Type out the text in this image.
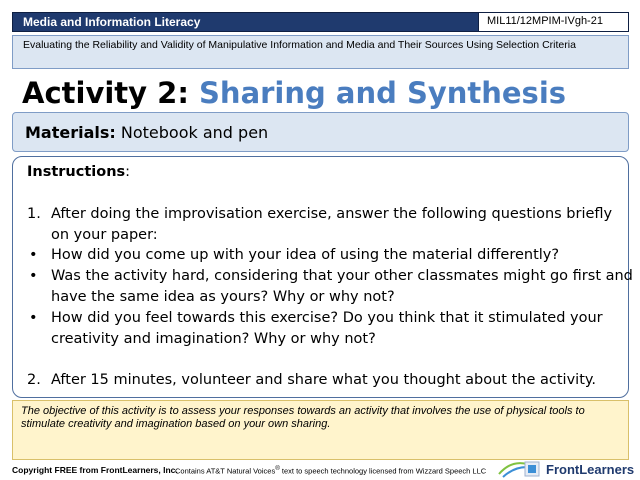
Media and Information Literacy	MIL11/12MPIM-IVgh-21
Evaluating the Reliability and Validity of Manipulative Information and Media and Their Sources Using Selection Criteria
Activity 2: Sharing and Synthesis
Materials: Notebook and pen
Instructions:
1. After doing the improvisation exercise, answer the following questions briefly
on your paper:
• How did you come up with your idea of using the material differently?
• Was the activity hard, considering that your other classmates might go first and
have the same idea as yours? Why or why not?
• How did you feel towards this exercise? Do you think that it stimulated your
creativity and imagination? Why or why not?
2. After 15 minutes, volunteer and share what you thought about the activity.
The objective of this activity is to assess your responses towards an activity that involves the use of physical tools to stimulate creativity and imagination based on your own sharing.
Copyright FREE from FrontLearners, Inc.
Contains AT&T Natural Voices® text to speech technology licensed from Wizzard Speech LLC	FrontLearners
